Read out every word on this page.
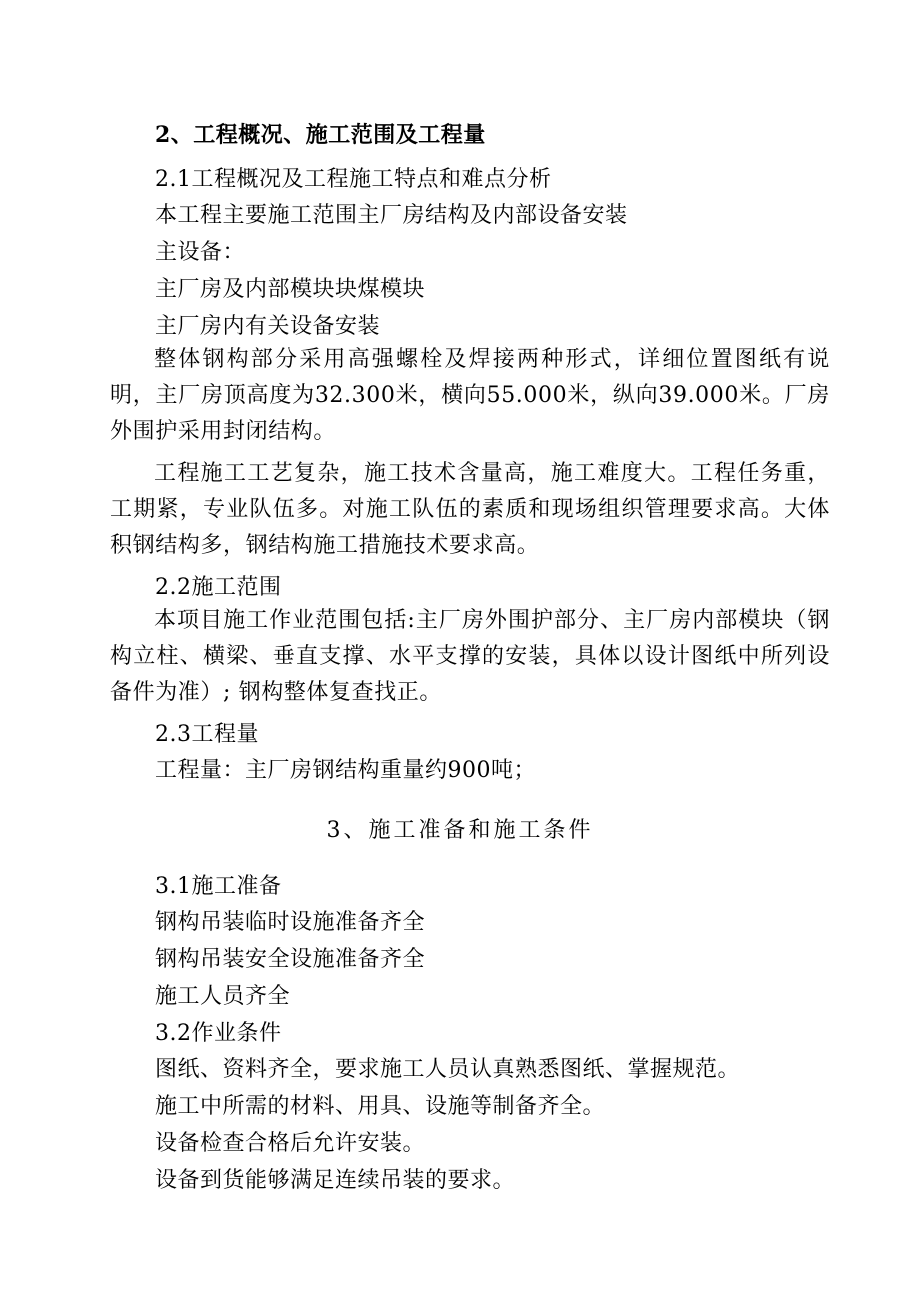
2、工程概况、施工范围及工程量
2.1工程概况及工程施工特点和难点分析
本工程主要施工范围主厂房结构及内部设备安装
主设备：
主厂房及内部模块块煤模块
主厂房内有关设备安装
整体钢构部分采用高强螺栓及焊接两种形式，详细位置图纸有说明，主厂房顶高度为32.300米，横向55.000米，纵向39.000米。厂房外围护采用封闭结构。
工程施工工艺复杂，施工技术含量高，施工难度大。工程任务重，工期紧，专业队伍多。对施工队伍的素质和现场组织管理要求高。大体积钢结构多，钢结构施工措施技术要求高。
2.2施工范围
本项目施工作业范围包括:主厂房外围护部分、主厂房内部模块（钢构立柱、横梁、垂直支撑、水平支撑的安装，具体以设计图纸中所列设备件为准）; 钢构整体复查找正。
2.3工程量
工程量：主厂房钢结构重量约900吨；
3、施工准备和施工条件
3.1施工准备
钢构吊装临时设施准备齐全
钢构吊装安全设施准备齐全
施工人员齐全
3.2作业条件
图纸、资料齐全，要求施工人员认真熟悉图纸、掌握规范。
施工中所需的材料、用具、设施等制备齐全。
设备检查合格后允许安装。
设备到货能够满足连续吊装的要求。
